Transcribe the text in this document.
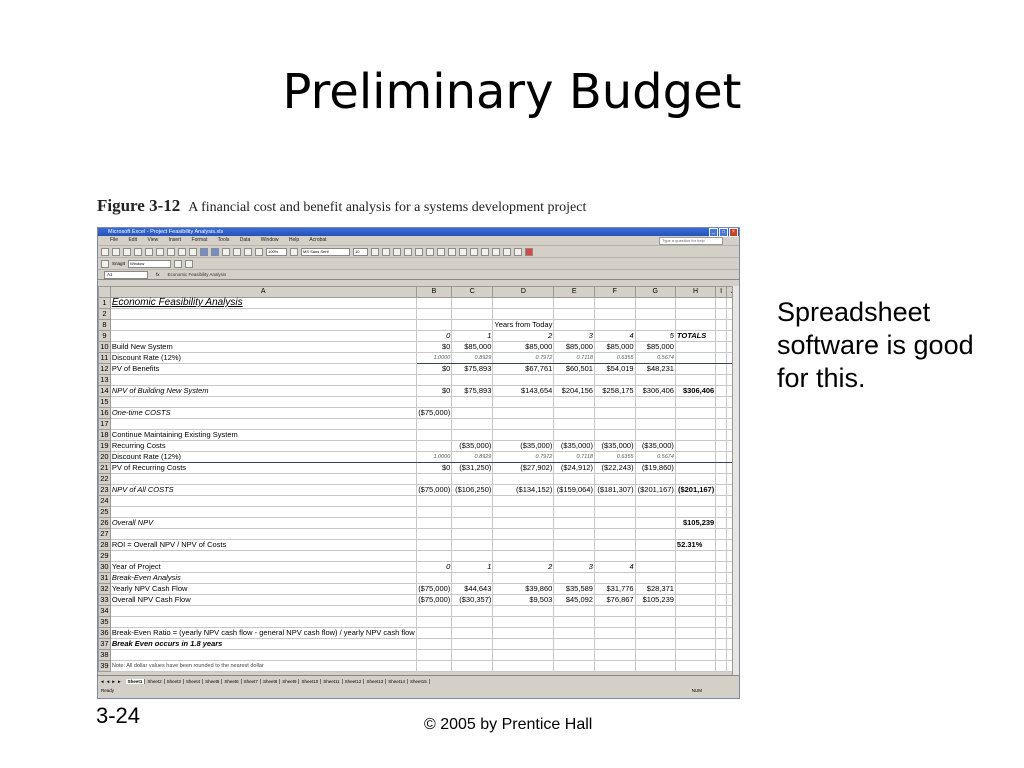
Preliminary Budget
Figure 3-12 A financial cost and benefit analysis for a systems development project
Microsoft Excel - Project Feasibility Analysis.xls	_	□	×
File Edit View Insert Format Tools Data Window Help Acrobat	Type a question for help
100%	MS Sans Serif	10
SnagIt	Window
A1	fx Economic Feasibility Analysis
	A	B	C	D	E	F	G	H	I	
1	Economic Feasibility Analysis									
2										
8				Years from Today						
9		0	1	2	3	4	5	TOTALS		
10	Build New System	$0	$85,000	$85,000	$85,000	$85,000	$85,000			
11	Discount Rate (12%)	1.0000	0.8929	0.7972	0.7118	0.6355	0.5674			
12	PV of Benefits	$0	$75,893	$67,761	$60,501	$54,019	$48,231			
13										
14	NPV of Building New System	$0	$75,893	$143,654	$204,156	$258,175	$306,406	$306,406		
15										
16	One-time COSTS	($75,000)								
17										
18	Continue Maintaining Existing System									
19	Recurring Costs		($35,000)	($35,000)	($35,000)	($35,000)	($35,000)			
20	Discount Rate (12%)	1.0000	0.8929	0.7972	0.7118	0.6355	0.5674			
21	PV of Recurring Costs	$0	($31,250)	($27,902)	($24,912)	($22,243)	($19,860)			
22										
23	NPV of All COSTS	($75,000)	($106,250)	($134,152)	($159,064)	($181,307)	($201,167)	($201,167)		
24										
25										
26	Overall NPV							$105,239		
27										
28	ROI = Overall NPV / NPV of Costs							52.31%		
29										
30	Year of Project	0	1	2	3	4				
31	Break-Even Analysis									
32	Yearly NPV Cash Flow	($75,000)	$44,643	$39,860	$35,589	$31,776	$28,371			
33	Overall NPV Cash Flow	($75,000)	($30,357)	$9,503	$45,092	$76,867	$105,239			
34										
35										
36	Break-Even Ratio = (yearly NPV cash flow - general NPV cash flow) / yearly NPV cash flow									
37	Break Even occurs in 1.8 years									
38										
39	Note: All dollar values have been rounded to the nearest dollar									
◄ ◄ ► ►	Sheet1	Sheet2	Sheet3	Sheet4	Sheet5	Sheet6	Sheet7	Sheet8	Sheet9	Sheet10	Sheet11	Sheet12	Sheet13	Sheet14	Sheet15
Ready	NUM
Spreadsheet software is good for this.
3-24	© 2005 by Prentice Hall
